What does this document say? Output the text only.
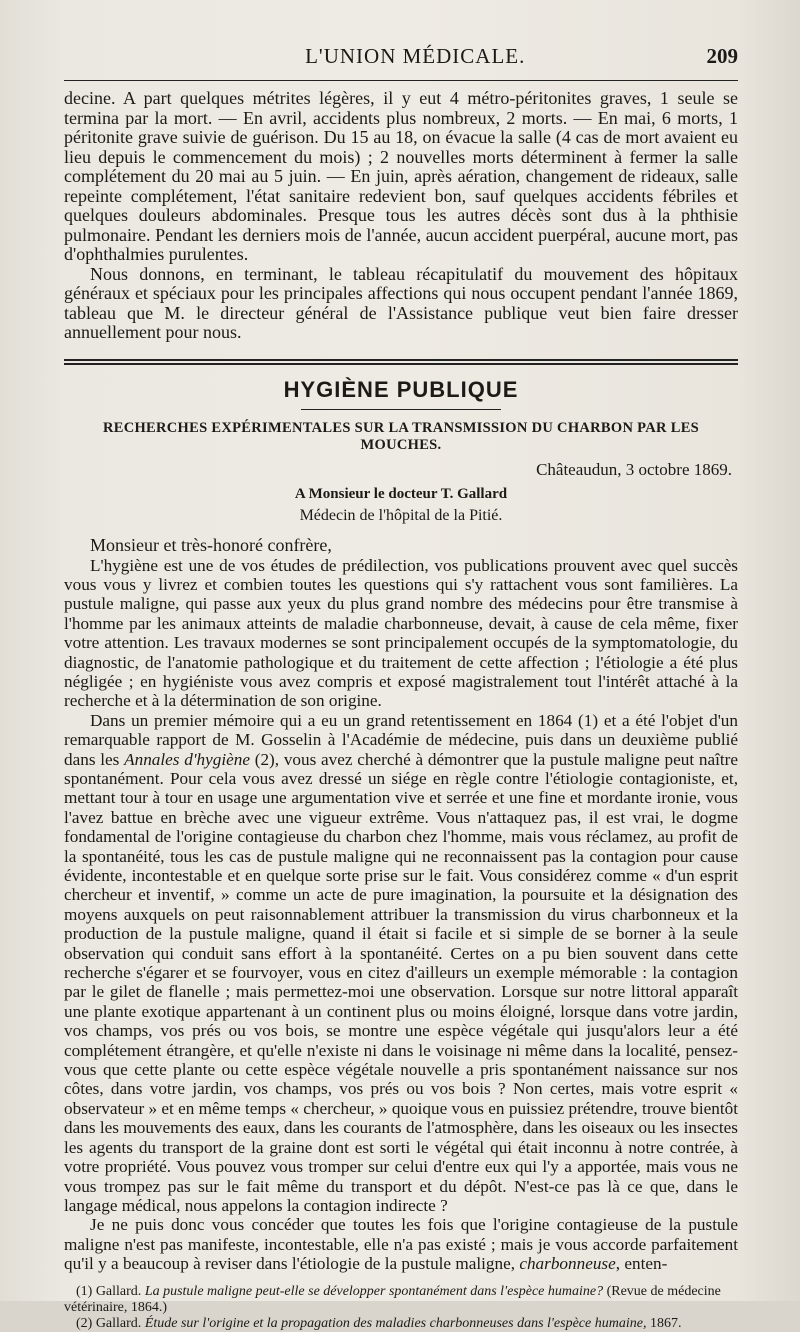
L'UNION MÉDICALE.	209

decine. A part quelques métrites légères, il y eut 4 métro-péritonites graves, 1 seule se termina par la mort. — En avril, accidents plus nombreux, 2 morts. — En mai, 6 morts, 1 péritonite grave suivie de guérison. Du 15 au 18, on évacue la salle (4 cas de mort avaient eu lieu depuis le commencement du mois) ; 2 nouvelles morts déterminent à fermer la salle complétement du 20 mai au 5 juin. — En juin, après aération, changement de rideaux, salle repeinte complétement, l'état sanitaire redevient bon, sauf quelques accidents fébriles et quelques douleurs abdominales. Presque tous les autres décès sont dus à la phthisie pulmonaire. Pendant les derniers mois de l'année, aucun accident puerpéral, aucune mort, pas d'ophthalmies purulentes.

Nous donnons, en terminant, le tableau récapitulatif du mouvement des hôpitaux généraux et spéciaux pour les principales affections qui nous occupent pendant l'année 1869, tableau que M. le directeur général de l'Assistance publique veut bien faire dresser annuellement pour nous.

HYGIÈNE PUBLIQUE
RECHERCHES EXPÉRIMENTALES SUR LA TRANSMISSION DU CHARBON PAR LES MOUCHES.
Châteaudun, 3 octobre 1869.
A Monsieur le docteur T. Gallard
Médecin de l'hôpital de la Pitié.
Monsieur et très-honoré confrère,

L'hygiène est une de vos études de prédilection, vos publications prouvent avec quel succès vous vous y livrez et combien toutes les questions qui s'y rattachent vous sont familières. La pustule maligne, qui passe aux yeux du plus grand nombre des médecins pour être transmise à l'homme par les animaux atteints de maladie charbonneuse, devait, à cause de cela même, fixer votre attention. Les travaux modernes se sont principalement occupés de la symptomatologie, du diagnostic, de l'anatomie pathologique et du traitement de cette affection ; l'étiologie a été plus négligée ; en hygiéniste vous avez compris et exposé magistralement tout l'intérêt attaché à la recherche et à la détermination de son origine.

Dans un premier mémoire qui a eu un grand retentissement en 1864 (1) et a été l'objet d'un remarquable rapport de M. Gosselin à l'Académie de médecine, puis dans un deuxième publié dans les Annales d'hygiène (2), vous avez cherché à démontrer que la pustule maligne peut naître spontanément. Pour cela vous avez dressé un siége en règle contre l'étiologie contagioniste, et, mettant tour à tour en usage une argumentation vive et serrée et une fine et mordante ironie, vous l'avez battue en brèche avec une vigueur extrême. Vous n'attaquez pas, il est vrai, le dogme fondamental de l'origine contagieuse du charbon chez l'homme, mais vous réclamez, au profit de la spontanéité, tous les cas de pustule maligne qui ne reconnaissent pas la contagion pour cause évidente, incontestable et en quelque sorte prise sur le fait. Vous considérez comme « d'un esprit chercheur et inventif, » comme un acte de pure imagination, la poursuite et la désignation des moyens auxquels on peut raisonnablement attribuer la transmission du virus charbonneux et la production de la pustule maligne, quand il était si facile et si simple de se borner à la seule observation qui conduit sans effort à la spontanéité. Certes on a pu bien souvent dans cette recherche s'égarer et se fourvoyer, vous en citez d'ailleurs un exemple mémorable : la contagion par le gilet de flanelle ; mais permettez-moi une observation. Lorsque sur notre littoral apparaît une plante exotique appartenant à un continent plus ou moins éloigné, lorsque dans votre jardin, vos champs, vos prés ou vos bois, se montre une espèce végétale qui jusqu'alors leur a été complétement étrangère, et qu'elle n'existe ni dans le voisinage ni même dans la localité, pensez-vous que cette plante ou cette espèce végétale nouvelle a pris spontanément naissance sur nos côtes, dans votre jardin, vos champs, vos prés ou vos bois ? Non certes, mais votre esprit « observateur » et en même temps « chercheur, » quoique vous en puissiez prétendre, trouve bientôt dans les mouvements des eaux, dans les courants de l'atmosphère, dans les oiseaux ou les insectes les agents du transport de la graine dont est sorti le végétal qui était inconnu à notre contrée, à votre propriété. Vous pouvez vous tromper sur celui d'entre eux qui l'y a apportée, mais vous ne vous trompez pas sur le fait même du transport et du dépôt. N'est-ce pas là ce que, dans le langage médical, nous appelons la contagion indirecte ?

Je ne puis donc vous concéder que toutes les fois que l'origine contagieuse de la pustule maligne n'est pas manifeste, incontestable, elle n'a pas existé ; mais je vous accorde parfaitement qu'il y a beaucoup à reviser dans l'étiologie de la pustule maligne, charbonneuse, enten-

(1) Gallard. La pustule maligne peut-elle se développer spontanément dans l'espèce humaine? (Revue de médecine vétérinaire, 1864.)
(2) Gallard. Étude sur l'origine et la propagation des maladies charbonneuses dans l'espèce humaine, 1867.
